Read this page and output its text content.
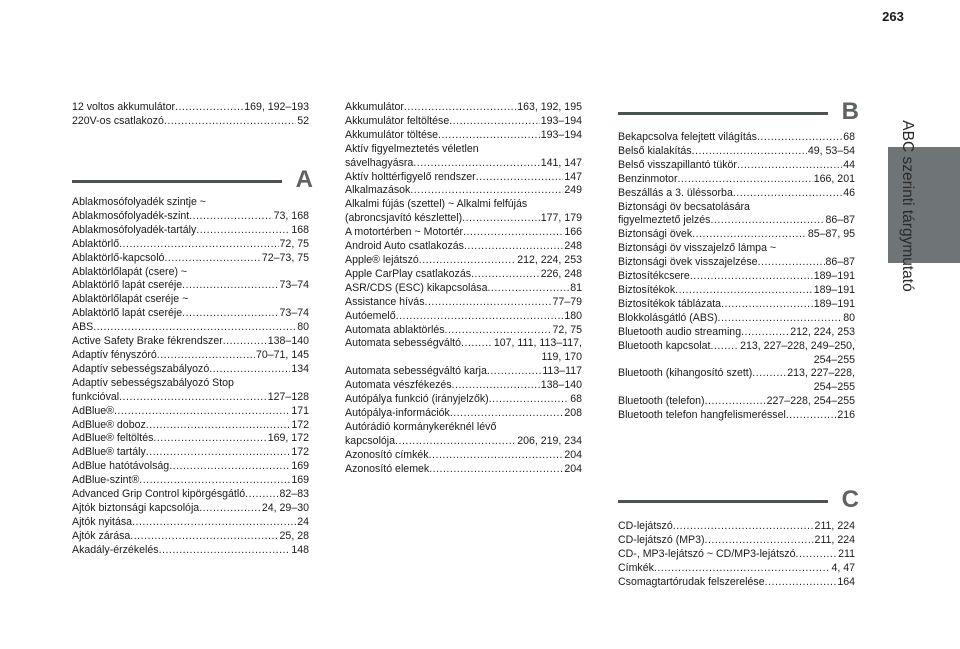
263
ABC szerinti tárgymutató
12 voltos akkumulátor .....	169, 192–193
220V-os csatlakozó .....	52
A
Ablakmosófolyadék szintje ~
Ablakmosófolyadék-szint .....	73, 168
Ablakmosófolyadék-tartály .....	168
Ablaktörlő .....	72, 75
Ablaktörlő-kapcsoló .....	72–73, 75
Ablaktörlőlapát (csere) ~
Ablaktörlő lapát cseréje .....	73–74
Ablaktörlőlapát cseréje ~
Ablaktörlő lapát cseréje .....	73–74
ABS .....	80
Active Safety Brake fékrendszer .....	138–140
Adaptív fényszóró .....	70–71, 145
Adaptív sebességszabályozó .....	134
Adaptív sebességszabályozó Stop
funkcióval .....	127–128
AdBlue® .....	171
AdBlue® doboz .....	172
AdBlue® feltöltés .....	169, 172
AdBlue® tartály .....	172
AdBlue hatótávolság .....	169
AdBlue-szint® .....	169
Advanced Grip Control kipörgésgátló .....	82–83
Ajtók biztonsági kapcsolója .....	24, 29–30
Ajtók nyitása .....	24
Ajtók zárása .....	25, 28
Akadály-érzékelés .....	148
Akkumulátor .....	163, 192, 195
Akkumulátor feltöltése .....	193–194
Akkumulátor töltése .....	193–194
Aktív figyelmeztetés véletlen
sávelhagyásra .....	141, 147
Aktív holttérfigyelő rendszer .....	147
Alkalmazások .....	249
Alkalmi fújás (szettel) ~ Alkalmi felfújás
(abroncsjavító készlettel) .....	177, 179
A motortérben ~ Motortér .....	166
Android Auto csatlakozás .....	248
Apple® lejátszó .....	212, 224, 253
Apple CarPlay csatlakozás .....	226, 248
ASR/CDS (ESC) kikapcsolása .....	81
Assistance hívás .....	77–79
Autóemelő .....	180
Automata ablaktörlés .....	72, 75
Automata sebességváltó .....	107, 111, 113–117,
119, 170
Automata sebességváltó karja .....	113–117
Automata vészfékezés .....	138–140
Autópálya funkció (irányjelzők) .....	68
Autópálya-információk .....	208
Autórádió kormánykeréknél lévő
kapcsolója .....	206, 219, 234
Azonosító címkék .....	204
Azonosító elemek .....	204
B
Bekapcsolva felejtett világítás .....	68
Belső kialakítás .....	49, 53–54
Belső visszapillantó tükör .....	44
Benzinmotor .....	166, 201
Beszállás a 3. üléssorba .....	46
Biztonsági öv becsatolására
figyelmeztető jelzés .....	86–87
Biztonsági övek .....	85–87, 95
Biztonsági öv visszajelző lámpa ~
Biztonsági övek visszajelzése .....	86–87
Biztosítékcsere .....	189–191
Biztosítékok .....	189–191
Biztosítékok táblázata .....	189–191
Blokkolásgátló (ABS) .....	80
Bluetooth audio streaming .....	212, 224, 253
Bluetooth kapcsolat .....	213, 227–228, 249–250,
254–255
Bluetooth (kihangosító szett) .....	213, 227–228,
254–255
Bluetooth (telefon) .....	227–228, 254–255
Bluetooth telefon hangfelismeréssel .....	216
C
CD-lejátszó .....	211, 224
CD-lejátszó (MP3) .....	211, 224
CD-, MP3-lejátszó ~ CD/MP3-lejátszó .....	211
Címkék .....	4, 47
Csomagtartórudak felszerelése .....	164
